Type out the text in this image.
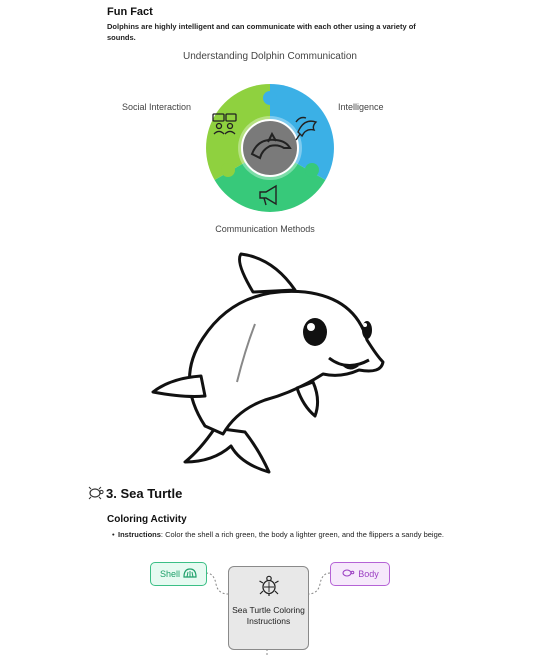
Fun Fact
Dolphins are highly intelligent and can communicate with each other using a variety of sounds.
Understanding Dolphin Communication
Social Interaction	Intelligence
Communication Methods
3. Sea Turtle
Coloring Activity
• Instructions: Color the shell a rich green, the body a lighter green, and the flippers a sandy beige.
Shell	Body
Sea Turtle Coloring Instructions
